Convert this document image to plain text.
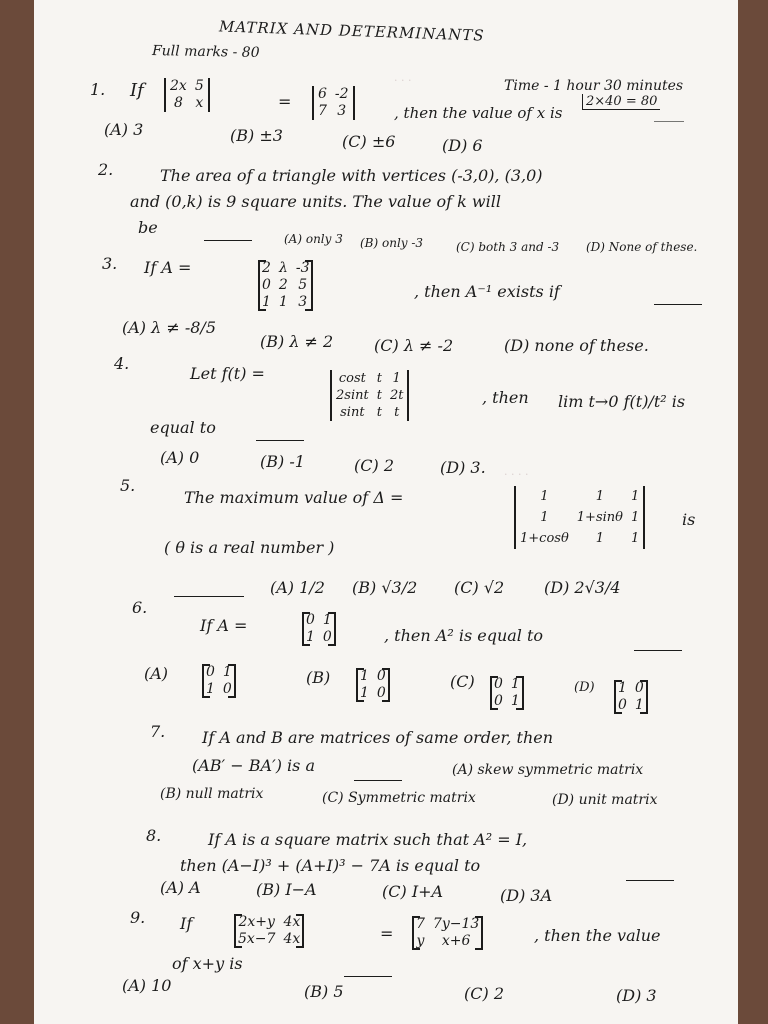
· · ·
· · · ·
MATRIX AND DETERMINANTS
Full marks - 80
Time - 1 hour 30 minutes
2×40 = 80
1. If 2x	5
8	x	= 6	-2
7	3	, then the value of x is	____
(A) 3	(B) ±3	(C) ±6	(D) 6
2.	The area of a triangle with vertices (-3,0), (3,0)
and (0,k) is 9 square units. The value of k will
be
(A) only 3 (B) only -3	(C) both 3 and -3 (D) None of these.
3. If A =	2	λ	-3
0	2	5
1	1	3

, then A⁻¹ exists if
(A) λ ≠ -8/5
(B) λ ≠ 2	(C) λ ≠ -2	(D) none of these.
4.
Let f(t) =	cost	t	1
2sint	t	2t
sint	t	t
, then lim t→0 f(t)/t² is
equal to
(A) 0	(B) -1	(C) 2	(D) 3.
5.
The maximum value of Δ =	1	1	1
1	1+sinθ	1
1+cosθ	1	1
is
( θ is a real number )
(A) 1/2 (B) √3/2 (C) √2 (D) 2√3/4
6.
If A =	0	1
1	0	, then A² is equal to
(A)	0	1
1	0

(B) 1	0
1	0

(C) 0	1
0	1

(D) 1	0
0	1

7. If A and B are matrices of same order, then
(AB′ − BA′) is a	(A) skew symmetric matrix
(B) null matrix	(C) Symmetric matrix	(D) unit matrix
8.	If A is a square matrix such that A² = I,
then (A−I)³ + (A+I)³ − 7A is equal to
(A) A	(B) I−A	(C) I+A	(D) 3A
9. If	2x+y	4x
5x−7	4x	= 7	7y−13
y	x+6	, then the value
of x+y is
(A) 10	(B) 5	(C) 2	(D) 3
